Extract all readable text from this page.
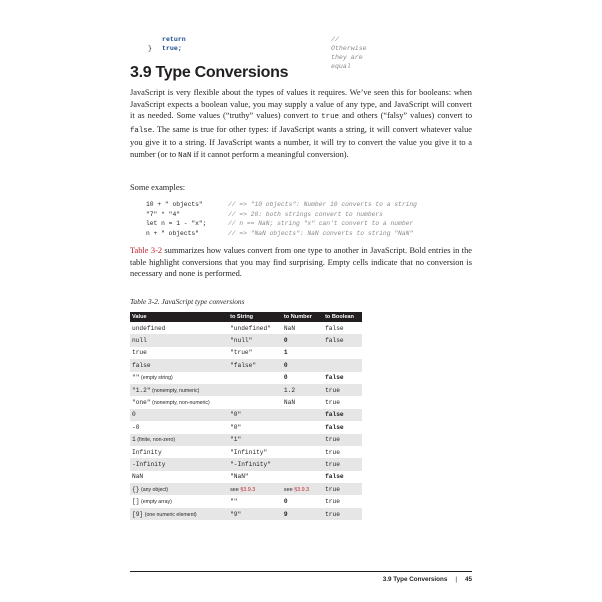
return true;
// Otherwise they are equal
}
3.9 Type Conversions
JavaScript is very flexible about the types of values it requires. We’ve seen this for booleans: when JavaScript expects a boolean value, you may supply a value of any type, and JavaScript will convert it as needed. Some values (“truthy” values) convert to true and others (“falsy” values) convert to false. The same is true for other types: if JavaScript wants a string, it will convert whatever value you give it to a string. If JavaScript wants a number, it will try to convert the value you give it to a number (or to NaN if it cannot perform a meaningful conversion).
Some examples:
10 + " objects"	// => "10 objects": Number 10 converts to a string
"7" * "4"	// => 28: both strings convert to numbers
let n = 1 - "x";	// n == NaN; string "x" can't convert to a number
n + " objects"	// => "NaN objects": NaN converts to string "NaN"
Table 3-2 summarizes how values convert from one type to another in JavaScript. Bold entries in the table highlight conversions that you may find surprising. Empty cells indicate that no conversion is necessary and none is performed.
Table 3-2. JavaScript type conversions
Value	to String	to Number	to Boolean
undefined	"undefined"	NaN	false
null	"null"	0	false
true	"true"	1	
false	"false"	0	
"" (empty string)		0	false
"1.2" (nonempty, numeric)		1.2	true
"one" (nonempty, non-numeric)		NaN	true
0	"0"		false
-0	"0"		false
1 (finite, non-zero)	"1"		true
Infinity	"Infinity"		true
-Infinity	"-Infinity"		true
NaN	"NaN"		false
{} (any object)	see §3.9.3	see §3.9.3	true
[] (empty array)	""	0	true
[9] (one numeric element)	"9"	9	true
3.9 Type Conversions | 45
